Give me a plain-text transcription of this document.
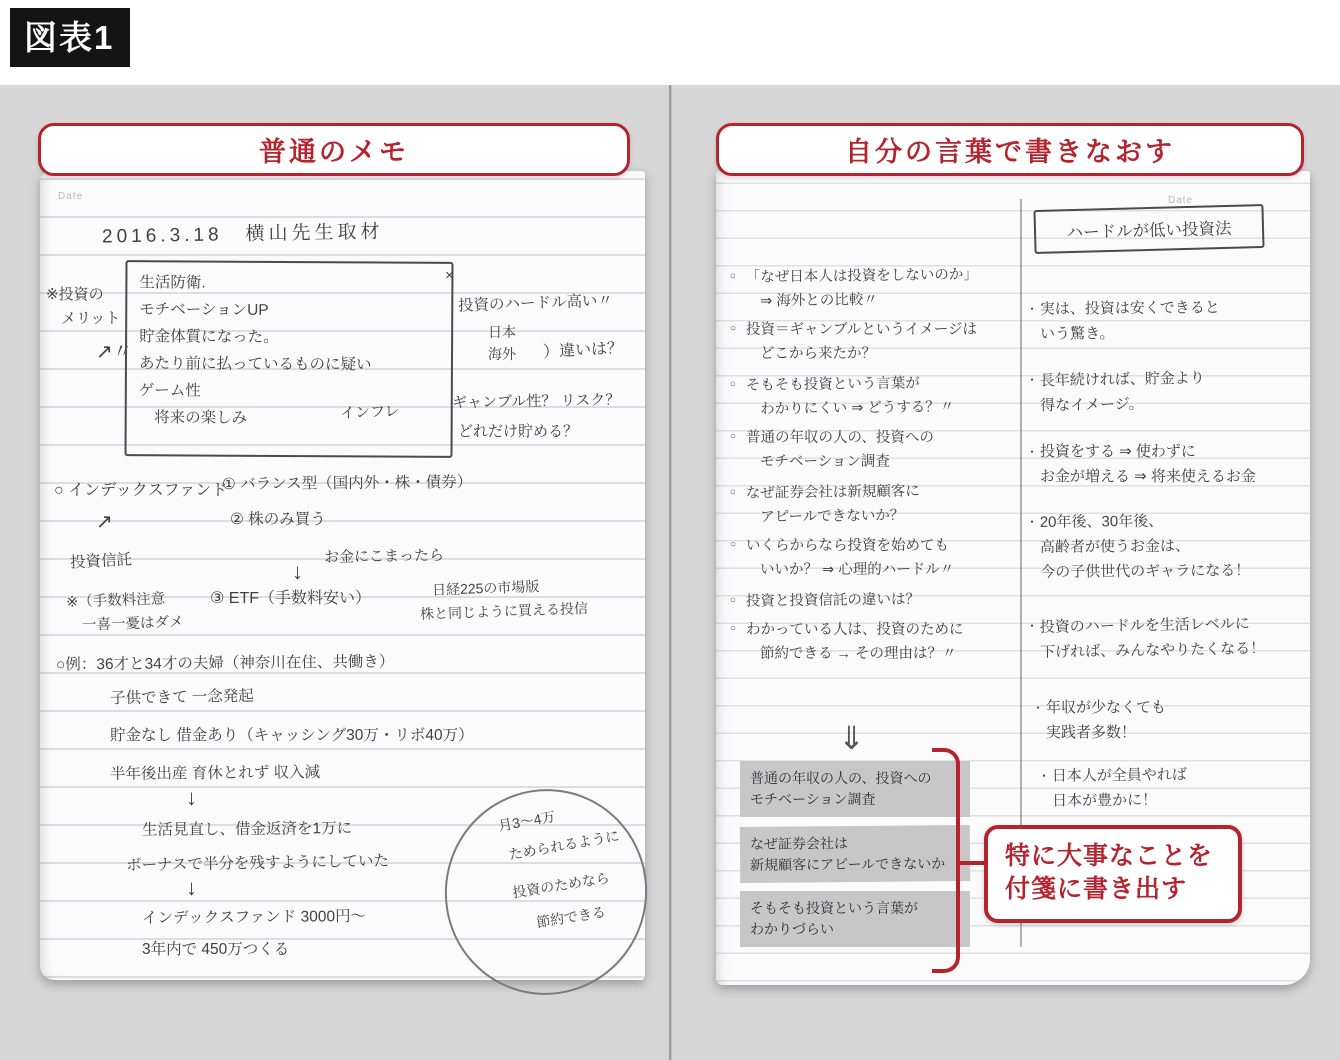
図表1
Date
2016.3.18　横山先生取材
※投資の
　メリット
↗〃
生活防衛.
モチベーションUP
貯金体質になった。
あたり前に払っているものに疑い
ゲーム性
　将来の楽しみ	インフレ
×
投資のハードル高い〃
日本
海外 ）違いは？
ギャンブル性？ リスク？
どれだけ貯める？
○ インデックスファンド
① バランス型（国内外・株・債券）
↗	② 株のみ買う
投資信託	↓
お金にこまったら
※（手数料注意
一喜一憂はダメ
③ ETF（手数料安い）
日経225の市場版
株と同じように買える投信
○例：36才と34才の夫婦（神奈川在住、共働き）
子供できて 一念発起
貯金なし 借金あり（キャッシング30万・リボ40万）
半年後出産 育休とれず 収入減
↓
生活見直し、借金返済を1万に
ボーナスで半分を残すようにしていた
↓
インデックスファンド 3000円〜
3年内で 450万つくる
月3〜4万
ためられるように
投資のためなら
節約できる
Date
ハードルが低い投資法
○ 「なぜ日本人は投資をしないのか」
⇒ 海外との比較〃
○ 投資＝ギャンブルというイメージは
どこから来たか？
○ そもそも投資という言葉が
わかりにくい ⇒ どうする？〃
○ 普通の年収の人の、投資への
モチベーション調査
○ なぜ証券会社は新規顧客に
アピールできないか？
○ いくらからなら投資を始めても
いいか？ ⇒ 心理的ハードル〃
○ 投資と投資信託の違いは？
○ わかっている人は、投資のために
節約できる → その理由は？〃
⇓
普通の年収の人の、投資への
モチベーション調査
なぜ証券会社は
新規顧客にアピールできないか
そもそも投資という言葉が
わかりづらい
・ 実は、投資は安くできると
いう驚き。
・ 長年続ければ、貯金より
得なイメージ。
・ 投資をする ⇒ 使わずに
お金が増える ⇒ 将来使えるお金
・ 20年後、30年後、
高齢者が使うお金は、
今の子供世代のギャラになる！
・ 投資のハードルを生活レベルに
下げれば、みんなやりたくなる！
・ 年収が少なくても
実践者多数！
・ 日本人が全員やれば
日本が豊かに！
普通のメモ	自分の言葉で書きなおす
特に大事なことを
付箋に書き出す
